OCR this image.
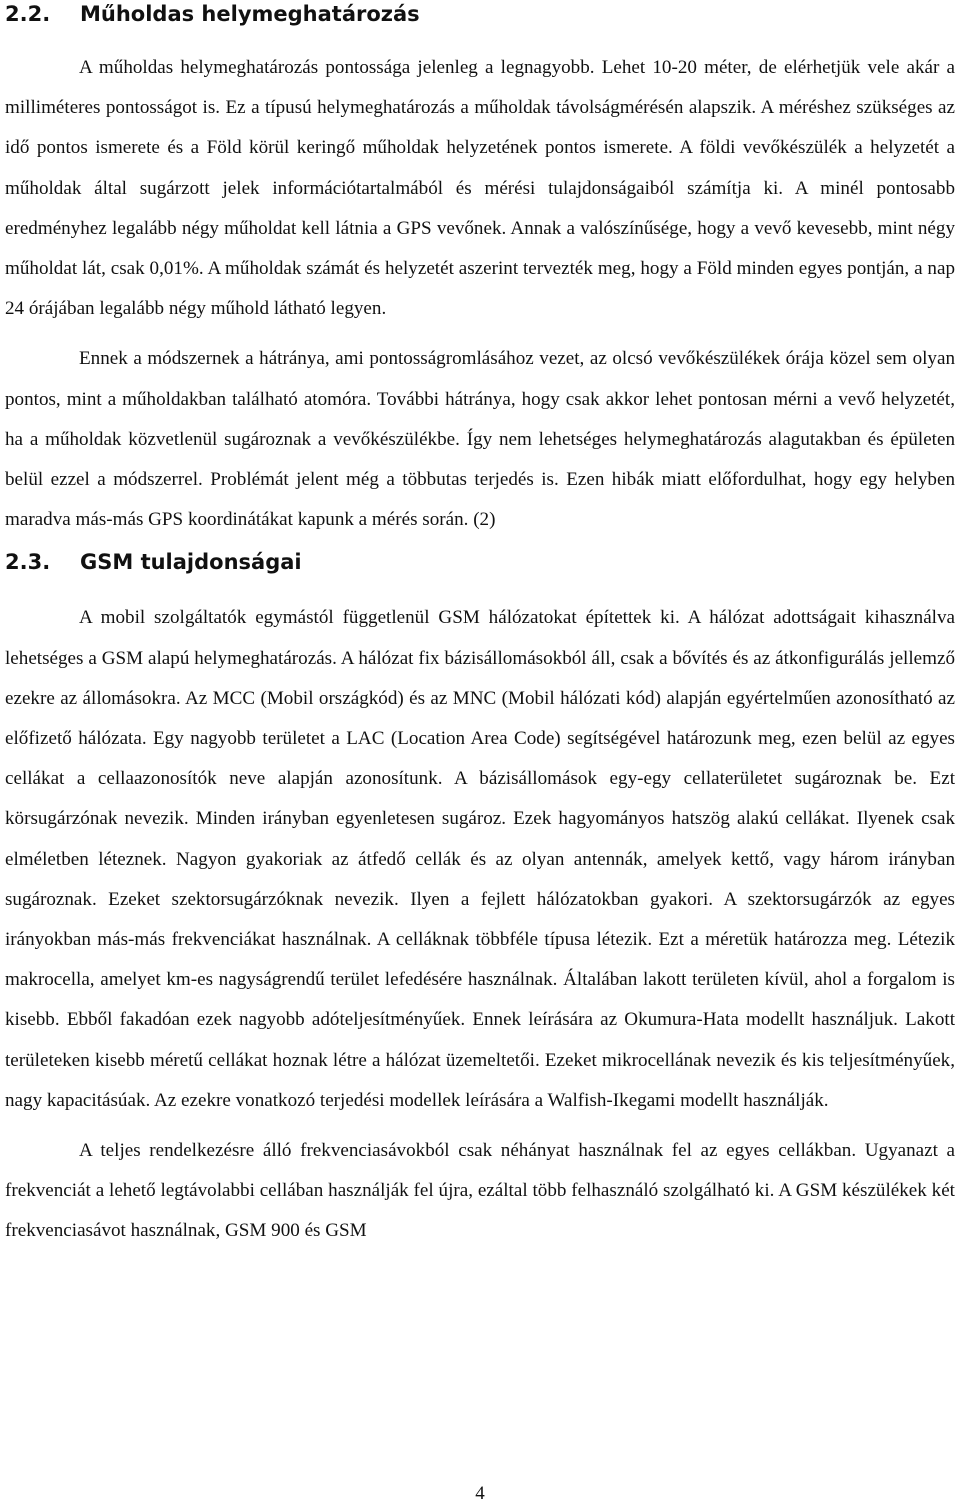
2.2. Műholdas helymeghatározás

A műholdas helymeghatározás pontossága jelenleg a legnagyobb. Lehet 10-20 méter, de elérhetjük vele akár a milliméteres pontosságot is. Ez a típusú helymeghatározás a műholdak távolságmérésén alapszik. A méréshez szükséges az idő pontos ismerete és a Föld körül keringő műholdak helyzetének pontos ismerete. A földi vevőkészülék a helyzetét a műholdak által sugárzott jelek információtartalmából és mérési tulajdonságaiból számítja ki. A minél pontosabb eredményhez legalább négy műholdat kell látnia a GPS vevőnek. Annak a valószínűsége, hogy a vevő kevesebb, mint négy műholdat lát, csak 0,01%. A műholdak számát és helyzetét aszerint tervezték meg, hogy a Föld minden egyes pontján, a nap 24 órájában legalább négy műhold látható legyen.

Ennek a módszernek a hátránya, ami pontosságromlásához vezet, az olcsó vevőkészülékek órája közel sem olyan pontos, mint a műholdakban található atomóra. További hátránya, hogy csak akkor lehet pontosan mérni a vevő helyzetét, ha a műholdak közvetlenül sugároznak a vevőkészülékbe. Így nem lehetséges helymeghatározás alagutakban és épületen belül ezzel a módszerrel. Problémát jelent még a többutas terjedés is. Ezen hibák miatt előfordulhat, hogy egy helyben maradva más-más GPS koordinátákat kapunk a mérés során. (2)

2.3. GSM tulajdonságai

A mobil szolgáltatók egymástól függetlenül GSM hálózatokat építettek ki. A hálózat adottságait kihasználva lehetséges a GSM alapú helymeghatározás. A hálózat fix bázisállomásokból áll, csak a bővítés és az átkonfigurálás jellemző ezekre az állomásokra. Az MCC (Mobil országkód) és az MNC (Mobil hálózati kód) alapján egyértelműen azonosítható az előfizető hálózata. Egy nagyobb területet a LAC (Location Area Code) segítségével határozunk meg, ezen belül az egyes cellákat a cellaazonosítók neve alapján azonosítunk. A bázisállomások egy-egy cellaterületet sugároznak be. Ezt körsugárzónak nevezik. Minden irányban egyenletesen sugároz. Ezek hagyományos hatszög alakú cellákat. Ilyenek csak elméletben léteznek. Nagyon gyakoriak az átfedő cellák és az olyan antennák, amelyek kettő, vagy három irányban sugároznak. Ezeket szektorsugárzóknak nevezik. Ilyen a fejlett hálózatokban gyakori. A szektorsugárzók az egyes irányokban más-más frekvenciákat használnak. A celláknak többféle típusa létezik. Ezt a méretük határozza meg. Létezik makrocella, amelyet km-es nagyságrendű terület lefedésére használnak. Általában lakott területen kívül, ahol a forgalom is kisebb. Ebből fakadóan ezek nagyobb adóteljesítményűek. Ennek leírására az Okumura-Hata modellt használjuk. Lakott területeken kisebb méretű cellákat hoznak létre a hálózat üzemeltetői. Ezeket mikrocellának nevezik és kis teljesítményűek, nagy kapacitásúak. Az ezekre vonatkozó terjedési modellek leírására a Walfish-Ikegami modellt használják.

A teljes rendelkezésre álló frekvenciasávokból csak néhányat használnak fel az egyes cellákban. Ugyanazt a frekvenciát a lehető legtávolabbi cellában használják fel újra, ezáltal több felhasználó szolgálható ki. A GSM készülékek két frekvenciasávot használnak, GSM 900 és GSM

4
